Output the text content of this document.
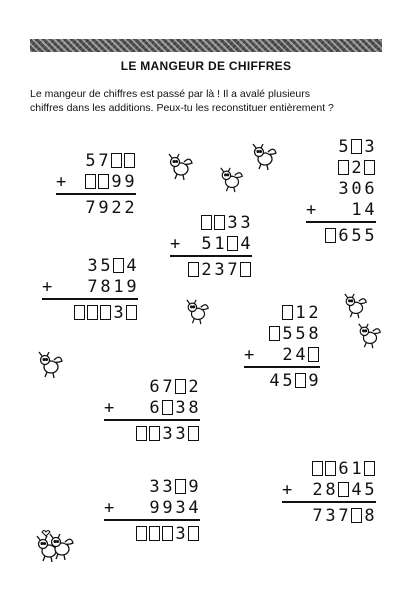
LE MANGEUR DE CHIFFRES
Le mangeur de chiffres est passé par là ! Il a avalé plusieurs
chiffres dans les additions. Peux-tu les reconstituer entièrement ?
5 7
+	9 9
7 9 2 2
5 3
2
3 0 6
+ 1 4
6 5 5
3 3
+ 5 1 4
2 3 7
3 5 4
+ 7 8 1 9
3	1 2
5 5 8
+ 2 4
4 5 9
6 7 2
+ 6 3 8
3 3
6 1
+ 2 8 4 5
7 3 7 8
3 3 9
+ 9 9 3 4
3
